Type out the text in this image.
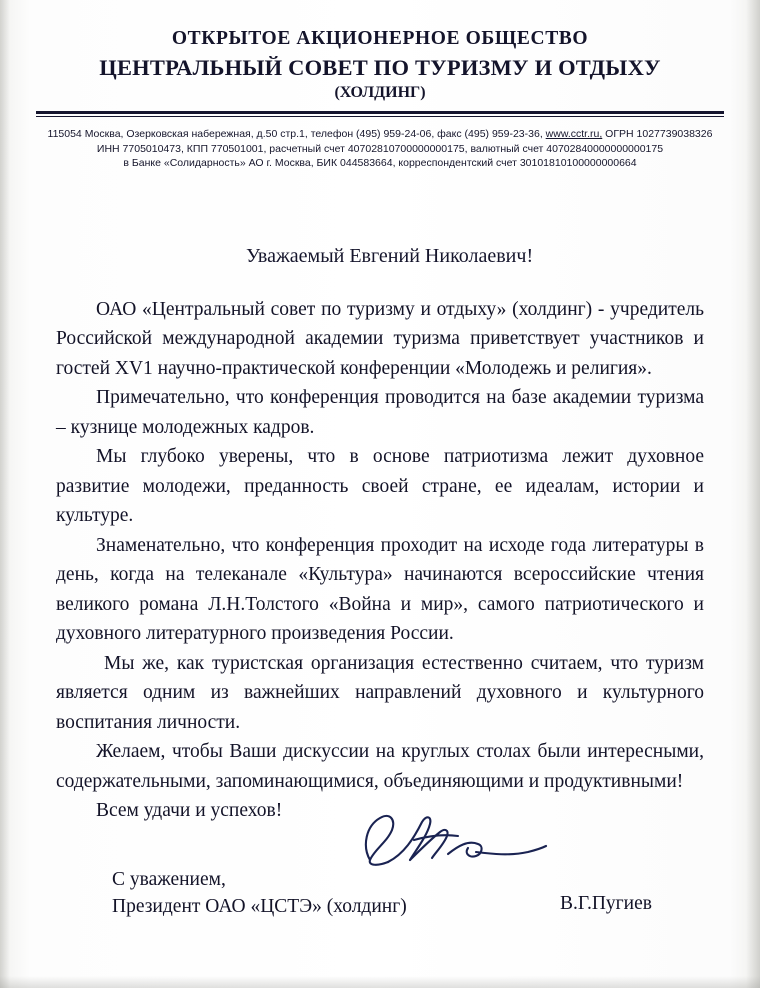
ОТКРЫТОЕ АКЦИОНЕРНОЕ ОБЩЕСТВО
ЦЕНТРАЛЬНЫЙ СОВЕТ ПО ТУРИЗМУ И ОТДЫХУ
(ХОЛДИНГ)
115054 Москва, Озерковская набережная, д.50 стр.1, телефон (495) 959-24-06, факс (495) 959-23-36, www.cctr.ru, ОГРН 1027739038326
ИНН 7705010473, КПП 770501001, расчетный счет 40702810700000000175, валютный счет 40702840000000000175
в Банке «Солидарность» АО г. Москва, БИК 044583664, корреспондентский счет 30101810100000000664
Уважаемый Евгений Николаевич!

ОАО «Центральный совет по туризму и отдыху» (холдинг) - учредитель Российской международной академии туризма приветствует участников и гостей XV1 научно-практической конференции «Молодежь и религия».

Примечательно, что конференция проводится на базе академии туризма – кузнице молодежных кадров.

Мы глубоко уверены, что в основе патриотизма лежит духовное развитие молодежи, преданность своей стране, ее идеалам, истории и культуре.

Знаменательно, что конференция проходит на исходе года литературы в день, когда на телеканале «Культура» начинаются всероссийские чтения великого романа Л.Н.Толстого «Война и мир», самого патриотического и духовного литературного произведения России.

Мы же, как туристская организация естественно считаем, что туризм является одним из важнейших направлений духовного и культурного воспитания личности.

Желаем, чтобы Ваши дискуссии на круглых столах были интересными, содержательными, запоминающимися, объединяющими и продуктивными!

Всем удачи и успехов!

С уважением,
Президент ОАО «ЦСТЭ» (холдинг)	В.Г.Пугиев
